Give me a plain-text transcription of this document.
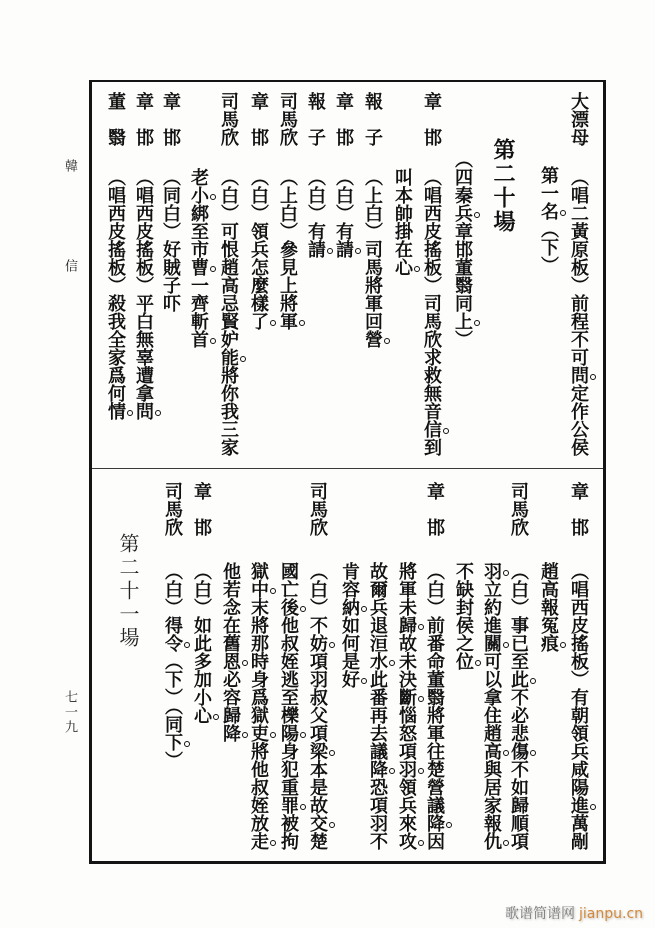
韓
信
七一九
大漂母
（唱二黃原板）前程不可問定作公侯
第一名（下）
第二十場
（四秦兵章邯董翳同上）
章邯
（唱西皮搖板）司馬欣求救無音信到
叫本帥掛在心
報子
（上白）司馬將軍回營
章邯
（白）有請
報子
（白）有請
司馬欣
（上白）參見上將軍
章邯
（白）領兵怎麼樣了
司馬欣
（白）可恨趙高忌賢妒能將你我三家
老小綁至市曹一齊斬首
章邯
（同白）好賊子吓
章邯
（唱西皮搖板）平白無辜遭拿問
董翳
（唱西皮搖板）殺我全家爲何情
章邯
（唱西皮搖板）有朝領兵咸陽進萬剮
趙高報冤痕
司馬欣
（白）事已至此不必悲傷不如歸順項
羽立約進關可以拿住趙高與居家報仇
不缺封侯之位
章邯
（白）前番命董翳將軍往楚營議降因
將軍未歸故未決斷惱怒項羽領兵來攻
故爾兵退洹水此番再去議降恐項羽不
肯容納如何是好
司馬欣
（白）不妨項羽叔父項梁本是故交楚
國亡後他叔姪逃至櫟陽身犯重罪被拘
獄中末將那時身爲獄吏將他叔姪放走
他若念在舊恩必容歸降
章邯
（白）如此多加小心
司馬欣
（白）得令（下）（同下）
第二十一場
歌谱简谱网 jianpu.cn
